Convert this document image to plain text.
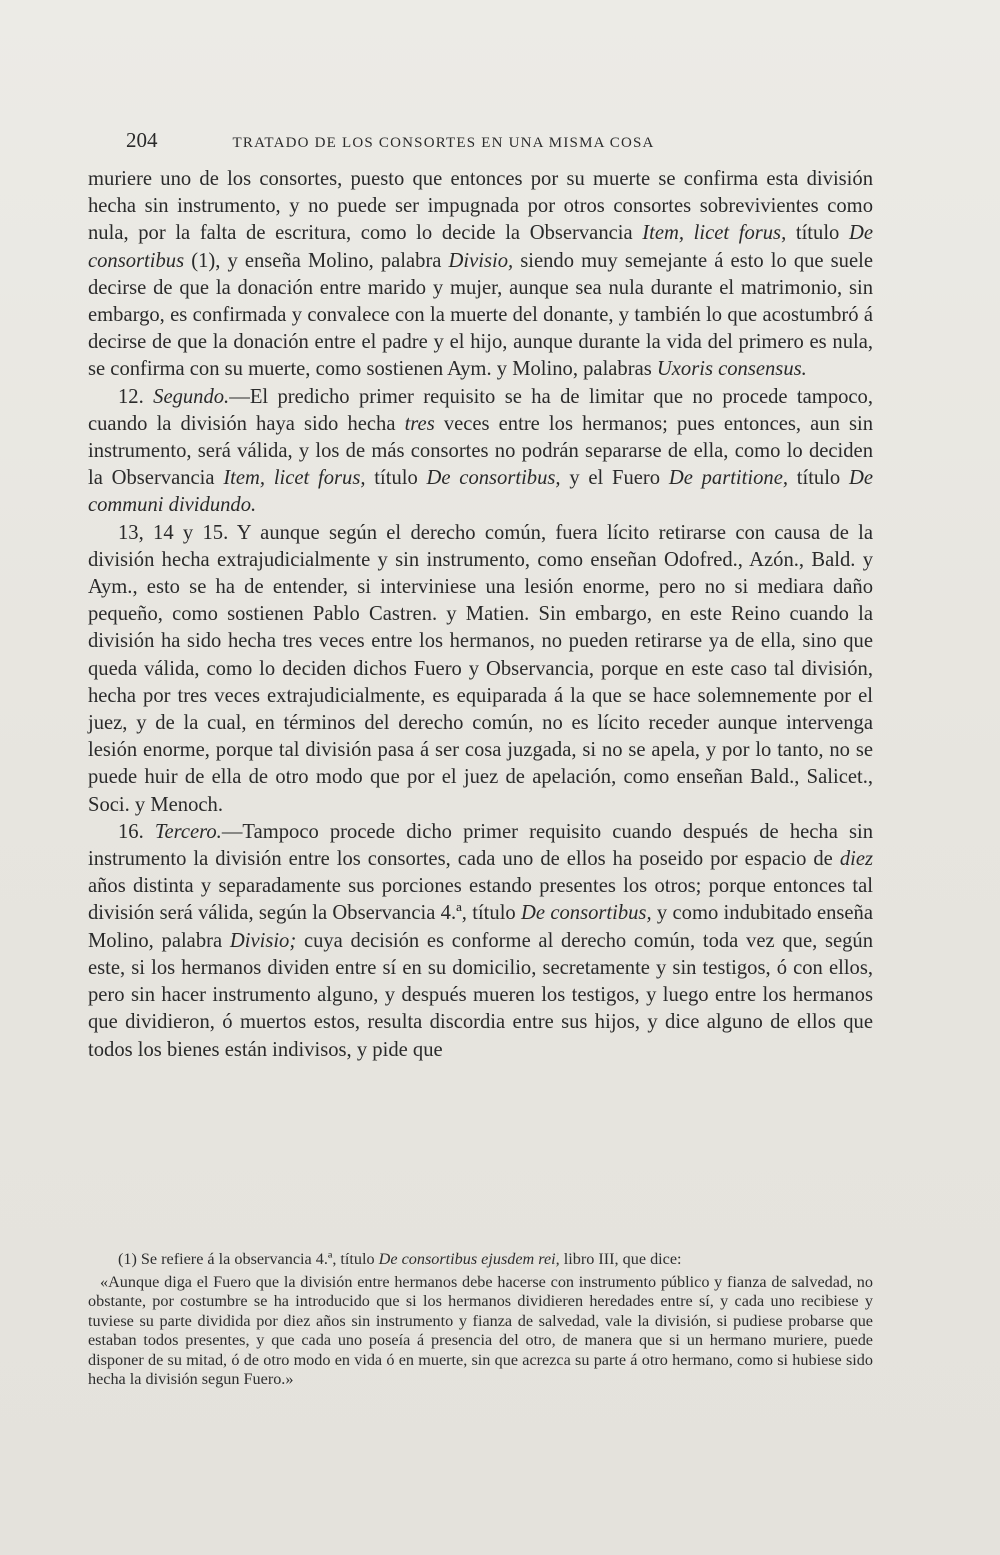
204	TRATADO DE LOS CONSORTES EN UNA MISMA COSA

muriere uno de los consortes, puesto que entonces por su muerte se confirma esta división hecha sin instrumento, y no puede ser impugnada por otros consortes sobrevivientes como nula, por la falta de escritura, como lo decide la Observancia Item, licet forus, título De consortibus (1), y enseña Molino, palabra Divisio, siendo muy semejante á esto lo que suele decirse de que la donación entre marido y mujer, aunque sea nula durante el matrimonio, sin embargo, es confirmada y convalece con la muerte del donante, y también lo que acostumbró á decirse de que la donación entre el padre y el hijo, aunque durante la vida del primero es nula, se confirma con su muerte, como sostienen Aym. y Molino, palabras Uxoris consensus.

12. Segundo.—El predicho primer requisito se ha de limitar que no procede tampoco, cuando la división haya sido hecha tres veces entre los hermanos; pues entonces, aun sin instrumento, será válida, y los de más consortes no podrán separarse de ella, como lo deciden la Observancia Item, licet forus, título De consortibus, y el Fuero De partitione, título De communi dividundo.

13, 14 y 15. Y aunque según el derecho común, fuera lícito retirarse con causa de la división hecha extrajudicialmente y sin instrumento, como enseñan Odofred., Azón., Bald. y Aym., esto se ha de entender, si interviniese una lesión enorme, pero no si mediara daño pequeño, como sostienen Pablo Castren. y Matien. Sin embargo, en este Reino cuando la división ha sido hecha tres veces entre los hermanos, no pueden retirarse ya de ella, sino que queda válida, como lo deciden dichos Fuero y Observancia, porque en este caso tal división, hecha por tres veces extrajudicialmente, es equiparada á la que se hace solemnemente por el juez, y de la cual, en términos del derecho común, no es lícito receder aunque intervenga lesión enorme, porque tal división pasa á ser cosa juzgada, si no se apela, y por lo tanto, no se puede huir de ella de otro modo que por el juez de apelación, como enseñan Bald., Salicet., Soci. y Menoch.

16. Tercero.—Tampoco procede dicho primer requisito cuando después de hecha sin instrumento la división entre los consortes, cada uno de ellos ha poseido por espacio de diez años distinta y separadamente sus porciones estando presentes los otros; porque entonces tal división será válida, según la Observancia 4.ª, título De consortibus, y como indubitado enseña Molino, palabra Divisio; cuya decisión es conforme al derecho común, toda vez que, según este, si los hermanos dividen entre sí en su domicilio, secretamente y sin testigos, ó con ellos, pero sin hacer instrumento alguno, y después mueren los testigos, y luego entre los hermanos que dividieron, ó muertos estos, resulta discordia entre sus hijos, y dice alguno de ellos que todos los bienes están indivisos, y pide que

(1) Se refiere á la observancia 4.ª, título De consortibus ejusdem rei, libro III, que dice:

«Aunque diga el Fuero que la división entre hermanos debe hacerse con instrumento público y fianza de salvedad, no obstante, por costumbre se ha introducido que si los hermanos dividieren heredades entre sí, y cada uno recibiese y tuviese su parte dividida por diez años sin instrumento y fianza de salvedad, vale la división, si pudiese probarse que estaban todos presentes, y que cada uno poseía á presencia del otro, de manera que si un hermano muriere, puede disponer de su mitad, ó de otro modo en vida ó en muerte, sin que acrezca su parte á otro hermano, como si hubiese sido hecha la división segun Fuero.»
